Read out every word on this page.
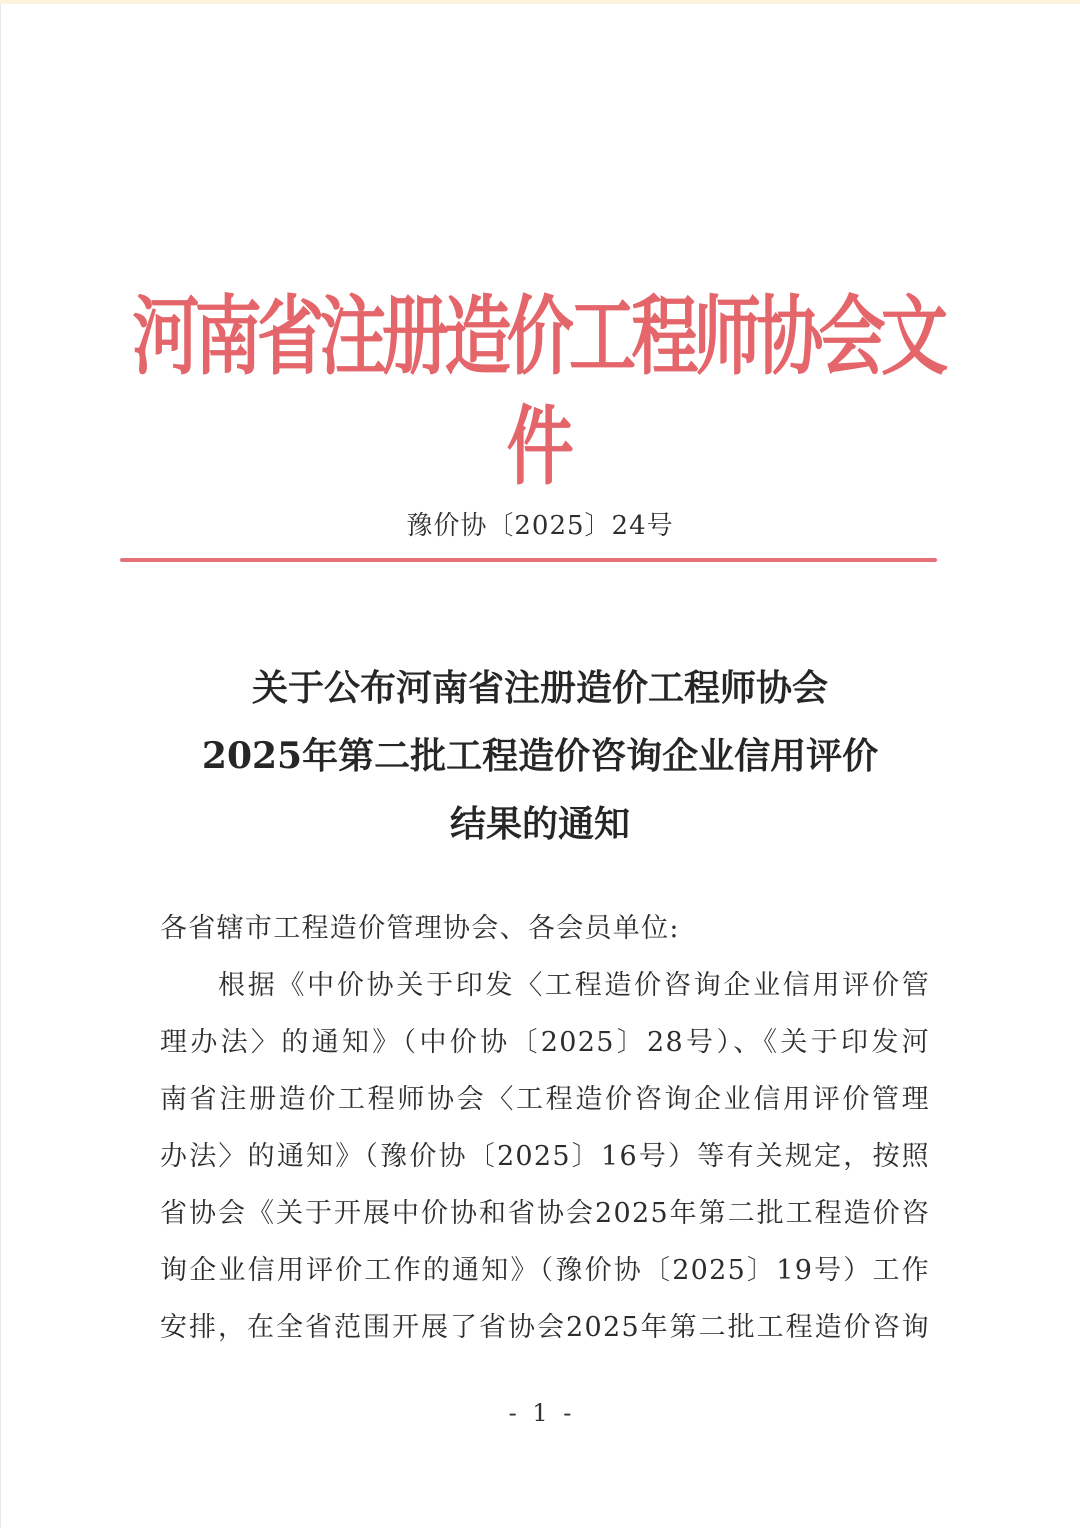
河南省注册造价工程师协会文件
豫价协〔2025〕24号
关于公布河南省注册造价工程师协会
2025年第二批工程造价咨询企业信用评价
结果的通知
各省辖市工程造价管理协会、各会员单位:
根据《中价协关于印发〈工程造价咨询企业信用评价管
理办法〉的通知》（中价协〔2025〕28号）、《关于印发河
南省注册造价工程师协会〈工程造价咨询企业信用评价管理
办法〉的通知》（豫价协〔2025〕16号）等有关规定，按照
省协会《关于开展中价协和省协会2025年第二批工程造价咨
询企业信用评价工作的通知》（豫价协〔2025〕19号）工作
安排，在全省范围开展了省协会2025年第二批工程造价咨询
- 1 -
